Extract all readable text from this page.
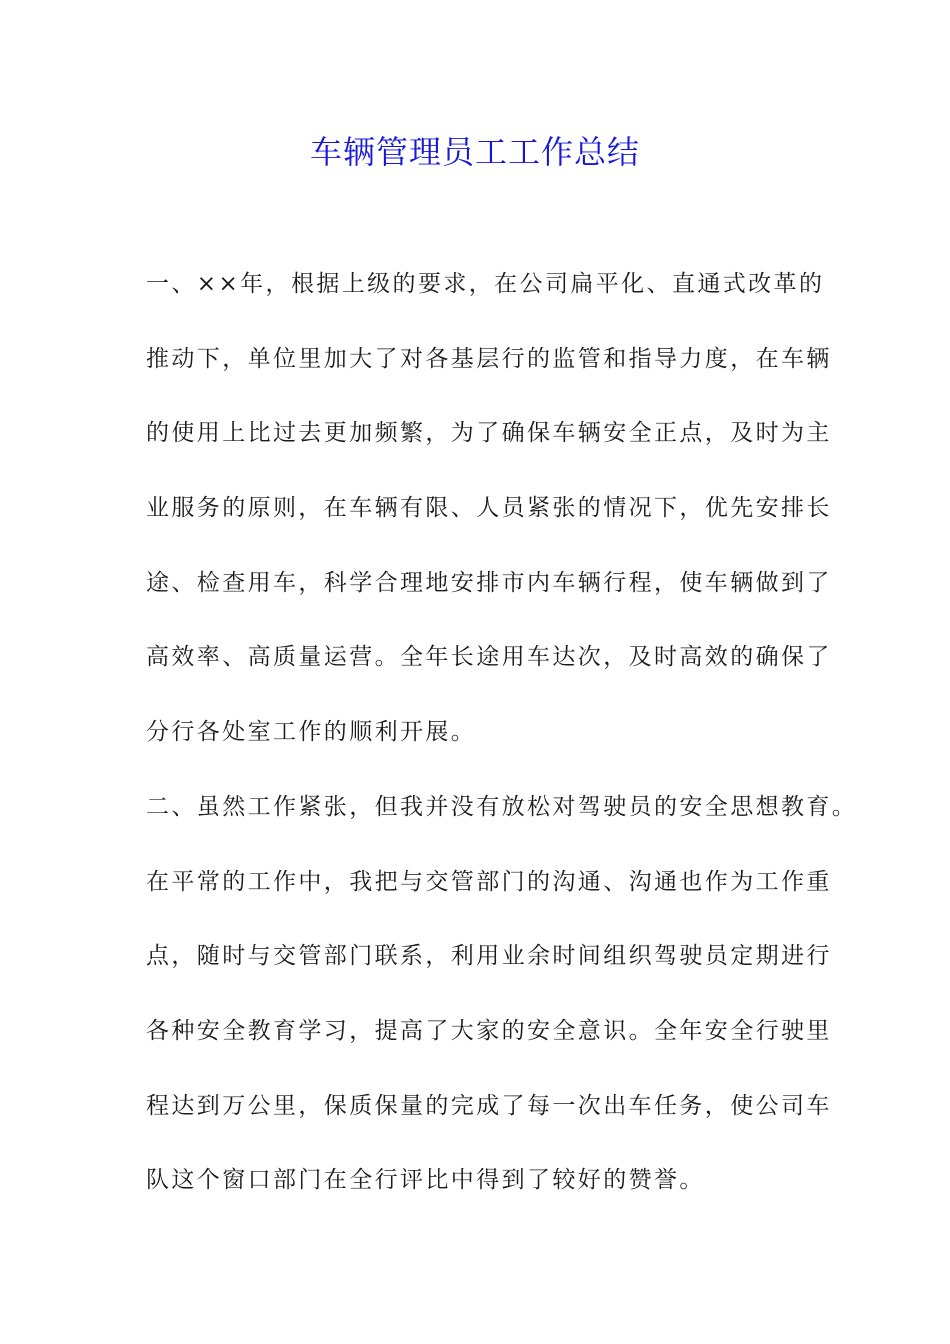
车辆管理员工工作总结
一、××年，根据上级的要求，在公司扁平化、直通式改革的
推动下，单位里加大了对各基层行的监管和指导力度，在车辆
的使用上比过去更加频繁，为了确保车辆安全正点，及时为主
业服务的原则，在车辆有限、人员紧张的情况下，优先安排长
途、检查用车，科学合理地安排市内车辆行程，使车辆做到了
高效率、高质量运营。全年长途用车达次，及时高效的确保了
分行各处室工作的顺利开展。
二、虽然工作紧张，但我并没有放松对驾驶员的安全思想教育。
在平常的工作中，我把与交管部门的沟通、沟通也作为工作重
点，随时与交管部门联系，利用业余时间组织驾驶员定期进行
各种安全教育学习，提高了大家的安全意识。全年安全行驶里
程达到万公里，保质保量的完成了每一次出车任务，使公司车
队这个窗口部门在全行评比中得到了较好的赞誉。
